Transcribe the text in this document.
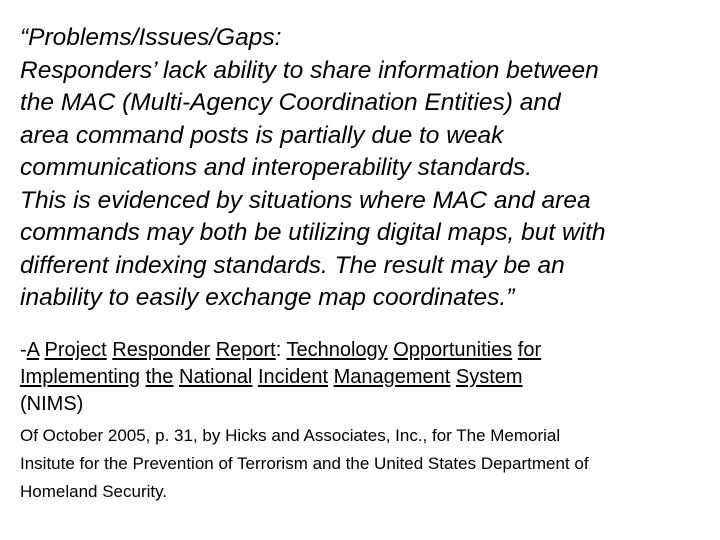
“Problems/Issues/Gaps:
Responders’ lack ability to share information between
the MAC (Multi-Agency Coordination Entities) and
area command posts is partially due to weak
communications and interoperability standards.
This is evidenced by situations where MAC and area
commands may both be utilizing digital maps, but with
different indexing standards. The result may be an
inability to easily exchange map coordinates.”

-A Project Responder Report: Technology Opportunities for
Implementing the National Incident Management System
(NIMS)
Of October 2005, p. 31, by Hicks and Associates, Inc., for The Memorial
Insitute for the Prevention of Terrorism and the United States Department of
Homeland Security.
